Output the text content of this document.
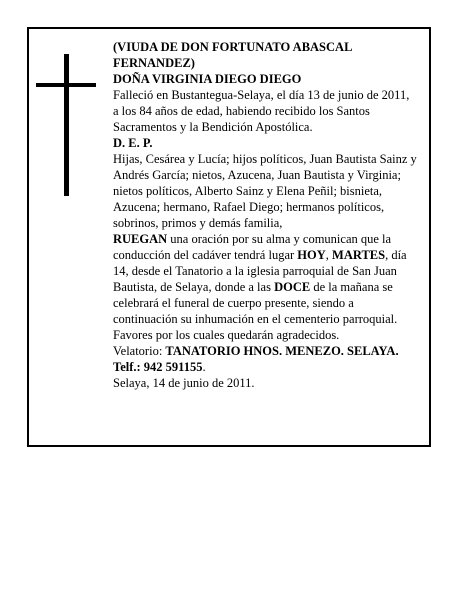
(VIUDA DE DON FORTUNATO ABASCAL FERNANDEZ)

DOÑA VIRGINIA DIEGO DIEGO

Falleció en Bustantegua-Selaya, el día 13 de junio de 2011, a los 84 años de edad, habiendo recibido los Santos Sacramentos y la Bendición Apostólica.

D. E. P.

Hijas, Cesárea y Lucía; hijos políticos, Juan Bautista Sainz y Andrés García; nietos, Azucena, Juan Bautista y Virginia; nietos políticos, Alberto Sainz y Elena Peñil; bisnieta, Azucena; hermano, Rafael Diego; hermanos políticos, sobrinos, primos y demás familia,

RUEGAN una oración por su alma y comunican que la conducción del cadáver tendrá lugar HOY, MARTES, día 14, desde el Tanatorio a la iglesia parroquial de San Juan Bautista, de Selaya, donde a las DOCE de la mañana se celebrará el funeral de cuerpo presente, siendo a continuación su inhumación en el cementerio parroquial. Favores por los cuales quedarán agradecidos.

Velatorio: TANATORIO HNOS. MENEZO. SELAYA. Telf.: 942 591155.

Selaya, 14 de junio de 2011.
